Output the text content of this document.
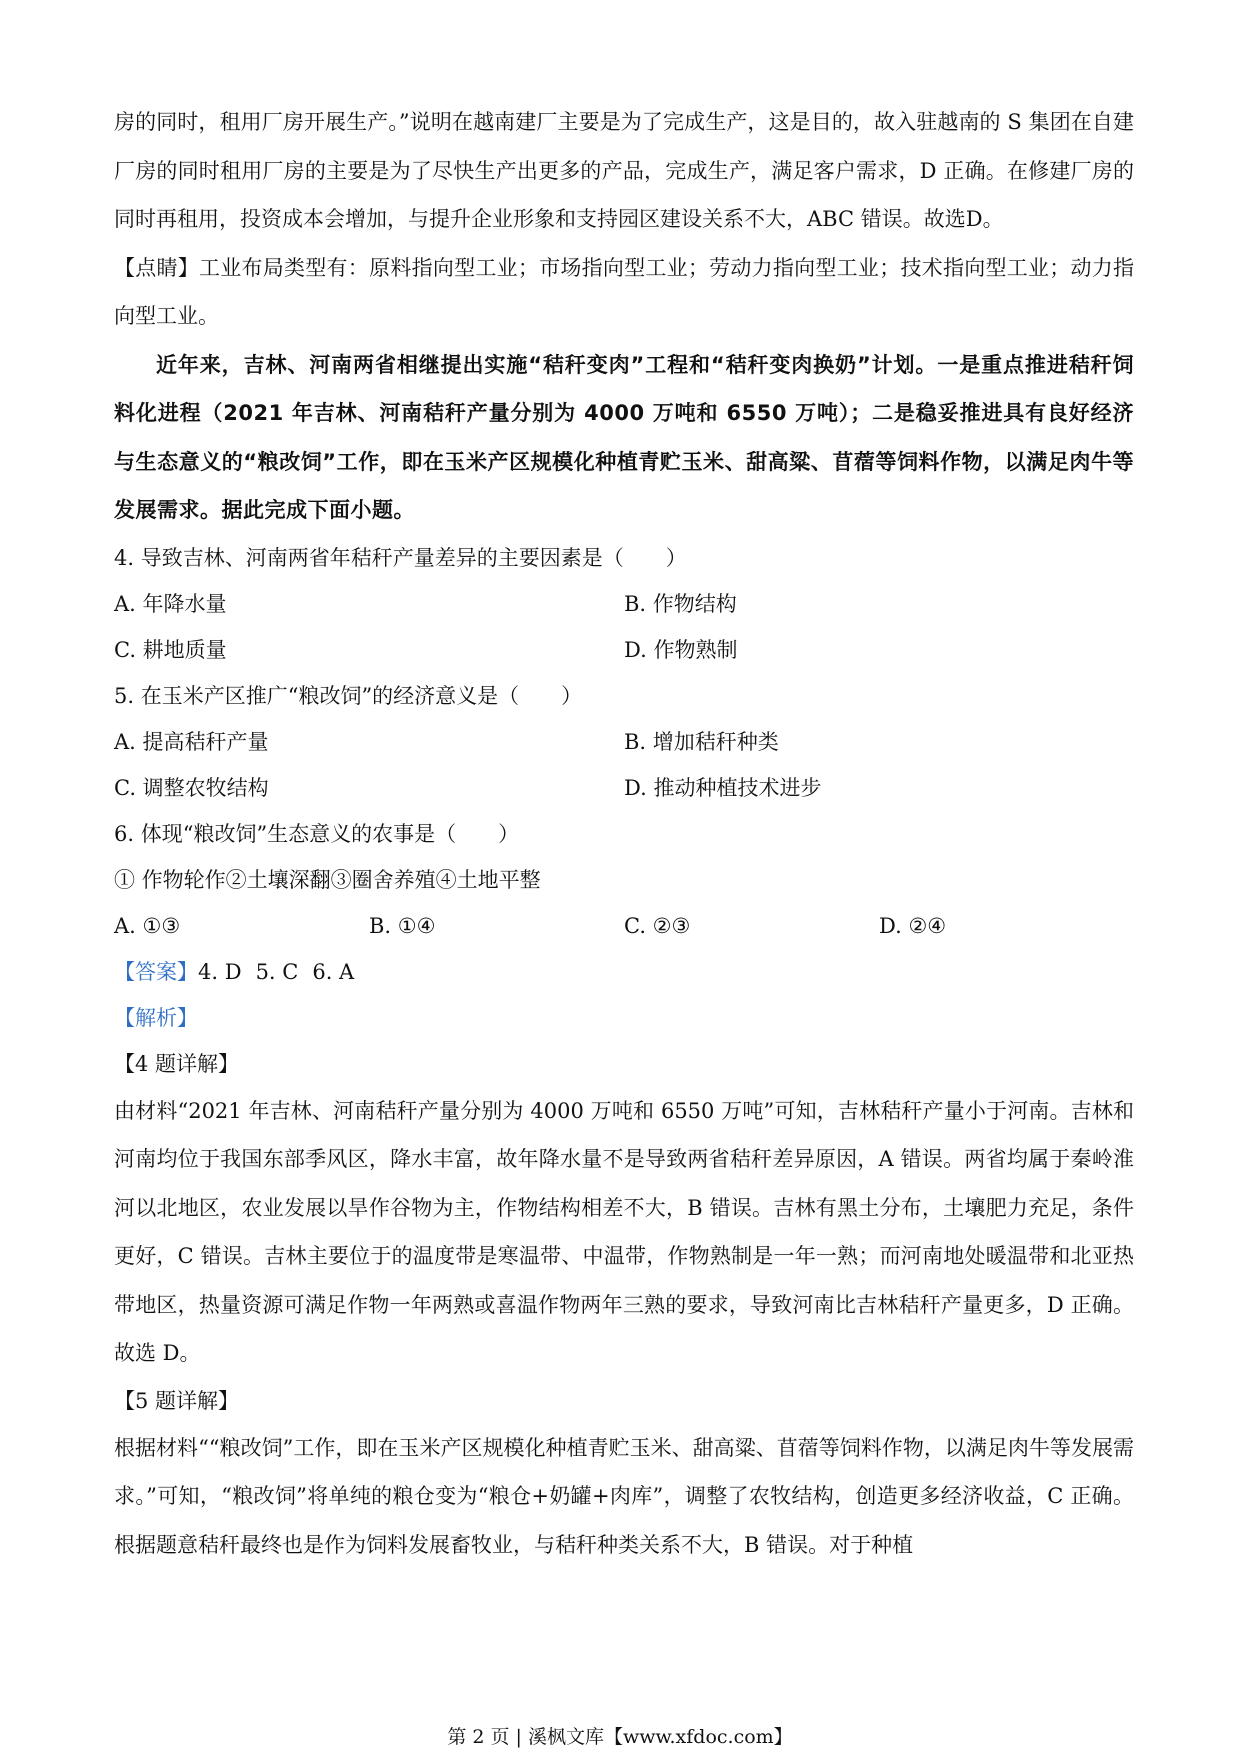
房的同时，租用厂房开展生产。”说明在越南建厂主要是为了完成生产，这是目的，故入驻越南的 S 集团在自建厂房的同时租用厂房的主要是为了尽快生产出更多的产品，完成生产，满足客户需求，D 正确。在修建厂房的同时再租用，投资成本会增加，与提升企业形象和支持园区建设关系不大，ABC 错误。故选D。

【点睛】工业布局类型有：原料指向型工业；市场指向型工业；劳动力指向型工业；技术指向型工业；动力指向型工业。

近年来，吉林、河南两省相继提出实施“秸秆变肉”工程和“秸秆变肉换奶”计划。一是重点推进秸秆饲料化进程（2021 年吉林、河南秸秆产量分别为 4000 万吨和 6550 万吨）；二是稳妥推进具有良好经济与生态意义的“粮改饲”工作，即在玉米产区规模化种植青贮玉米、甜高粱、苜蓿等饲料作物，以满足肉牛等发展需求。据此完成下面小题。

4. 导致吉林、河南两省年秸秆产量差异的主要因素是（　　）
A. 年降水量	B. 作物结构
C. 耕地质量	D. 作物熟制
5. 在玉米产区推广“粮改饲”的经济意义是（　　）
A. 提高秸秆产量	B. 增加秸秆种类
C. 调整农牧结构	D. 推动种植技术进步
6. 体现“粮改饲”生态意义的农事是（　　）
① 作物轮作②土壤深翻③圈舍养殖④土地平整
A. ①③	B. ①④	C. ②③	D. ②④
【答案】4. D 5. C 6. A
【解析】
【4 题详解】

由材料“2021 年吉林、河南秸秆产量分别为 4000 万吨和 6550 万吨”可知，吉林秸秆产量小于河南。吉林和河南均位于我国东部季风区，降水丰富，故年降水量不是导致两省秸秆差异原因，A 错误。两省均属于秦岭淮河以北地区，农业发展以旱作谷物为主，作物结构相差不大，B 错误。吉林有黑土分布，土壤肥力充足，条件更好，C 错误。吉林主要位于的温度带是寒温带、中温带，作物熟制是一年一熟；而河南地处暖温带和北亚热带地区，热量资源可满足作物一年两熟或喜温作物两年三熟的要求，导致河南比吉林秸秆产量更多，D 正确。故选 D。

【5 题详解】

根据材料““粮改饲”工作，即在玉米产区规模化种植青贮玉米、甜高粱、苜蓿等饲料作物，以满足肉牛等发展需求。”可知，“粮改饲”将单纯的粮仓变为“粮仓+奶罐+肉库”，调整了农牧结构，创造更多经济收益，C 正确。根据题意秸秆最终也是作为饲料发展畜牧业，与秸秆种类关系不大，B 错误。对于种植

第 2 页 | 溪枫文库【www.xfdoc.com】
